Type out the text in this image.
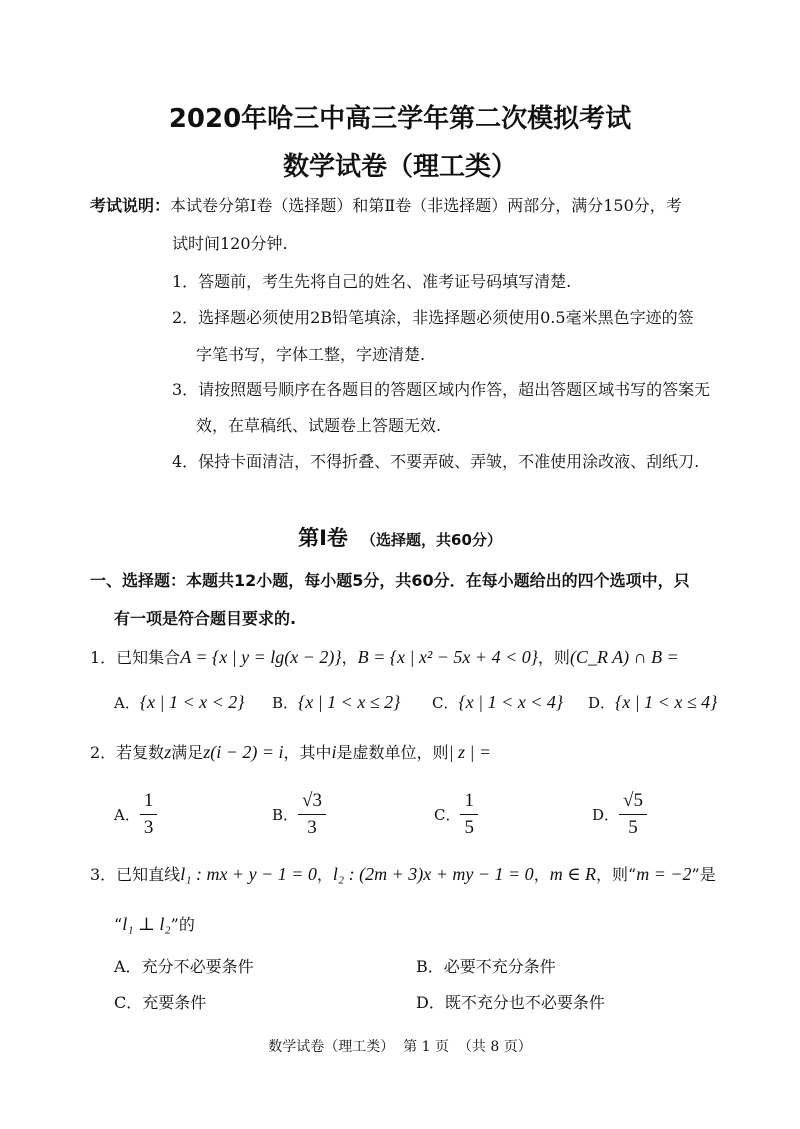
2020年哈三中高三学年第二次模拟考试
数学试卷（理工类）
考试说明：本试卷分第Ⅰ卷（选择题）和第Ⅱ卷（非选择题）两部分，满分150分，考
试时间120分钟.
1．答题前，考生先将自己的姓名、准考证号码填写清楚.
2．选择题必须使用2B铅笔填涂，非选择题必须使用0.5毫米黑色字迹的签
字笔书写，字体工整，字迹清楚.
3．请按照题号顺序在各题目的答题区域内作答，超出答题区域书写的答案无
效，在草稿纸、试题卷上答题无效.
4．保持卡面清洁，不得折叠、不要弄破、弄皱，不准使用涂改液、刮纸刀.
第Ⅰ卷 （选择题，共60分）
一、选择题：本题共12小题，每小题5分，共60分．在每小题给出的四个选项中，只
有一项是符合题目要求的.
1．已知集合A = {x | y = lg(x − 2)}，B = {x | x² − 5x + 4 < 0}，则(C_R A) ∩ B =
A．{x | 1 < x < 2} B．{x | 1 < x ≤ 2} C．{x | 1 < x < 4} D．{x | 1 < x ≤ 4}
2．若复数z满足z(i − 2) = i，其中i是虚数单位，则| z | =
A． $\frac{1}{3}$	B． $\frac{√3}{3}$	C． $\frac{1}{5}$	D． $\frac{√5}{5}$
3．已知直线l₁ : mx + y − 1 = 0，l₂ : (2m + 3)x + my − 1 = 0，m ∈ R，则“m = −2”是
“l₁ ⊥ l₂”的
A．充分不必要条件	B．必要不充分条件
C．充要条件	D．既不充分也不必要条件
数学试卷（理工类）  第 1 页  （共 8 页）
